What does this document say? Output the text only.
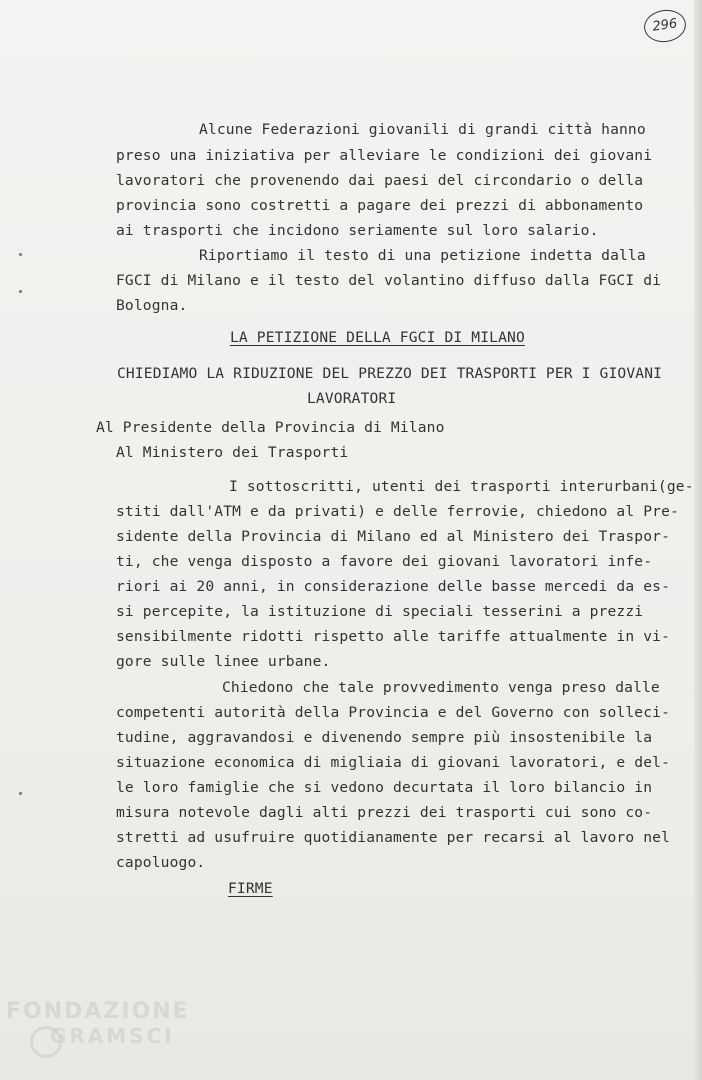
296
Alcune Federazioni giovanili di grandi città hanno
preso una iniziativa per alleviare le condizioni dei giovani
lavoratori che provenendo dai paesi del circondario o della
provincia sono costretti a pagare dei prezzi di abbonamento
ai trasporti che incidono seriamente sul loro salario.
Riportiamo il testo di una petizione indetta dalla
FGCI di Milano e il testo del volantino diffuso dalla FGCI di
Bologna.
LA PETIZIONE DELLA FGCI DI MILANO
CHIEDIAMO LA RIDUZIONE DEL PREZZO DEI TRASPORTI PER I GIOVANI
LAVORATORI
Al Presidente della Provincia di Milano
Al Ministero dei Trasporti
I sottoscritti, utenti dei trasporti interurbani(ge-
stiti dall'ATM e da privati) e delle ferrovie, chiedono al Pre-
sidente della Provincia di Milano ed al Ministero dei Traspor-
ti, che venga disposto a favore dei giovani lavoratori infe-
riori ai 20 anni, in considerazione delle basse mercedi da es-
si percepite, la istituzione di speciali tesserini a prezzi
sensibilmente ridotti rispetto alle tariffe attualmente in vi-
gore sulle linee urbane.
Chiedono che tale provvedimento venga preso dalle
competenti autorità della Provincia e del Governo con solleci-
tudine, aggravandosi e divenendo sempre più insostenibile la
situazione economica di migliaia di giovani lavoratori, e del-
le loro famiglie che si vedono decurtata il loro bilancio in
misura notevole dagli alti prezzi dei trasporti cui sono co-
stretti ad usufruire quotidianamente per recarsi al lavoro nel
capoluogo.
FIRME
FONDAZIONE
GRAMSCI
